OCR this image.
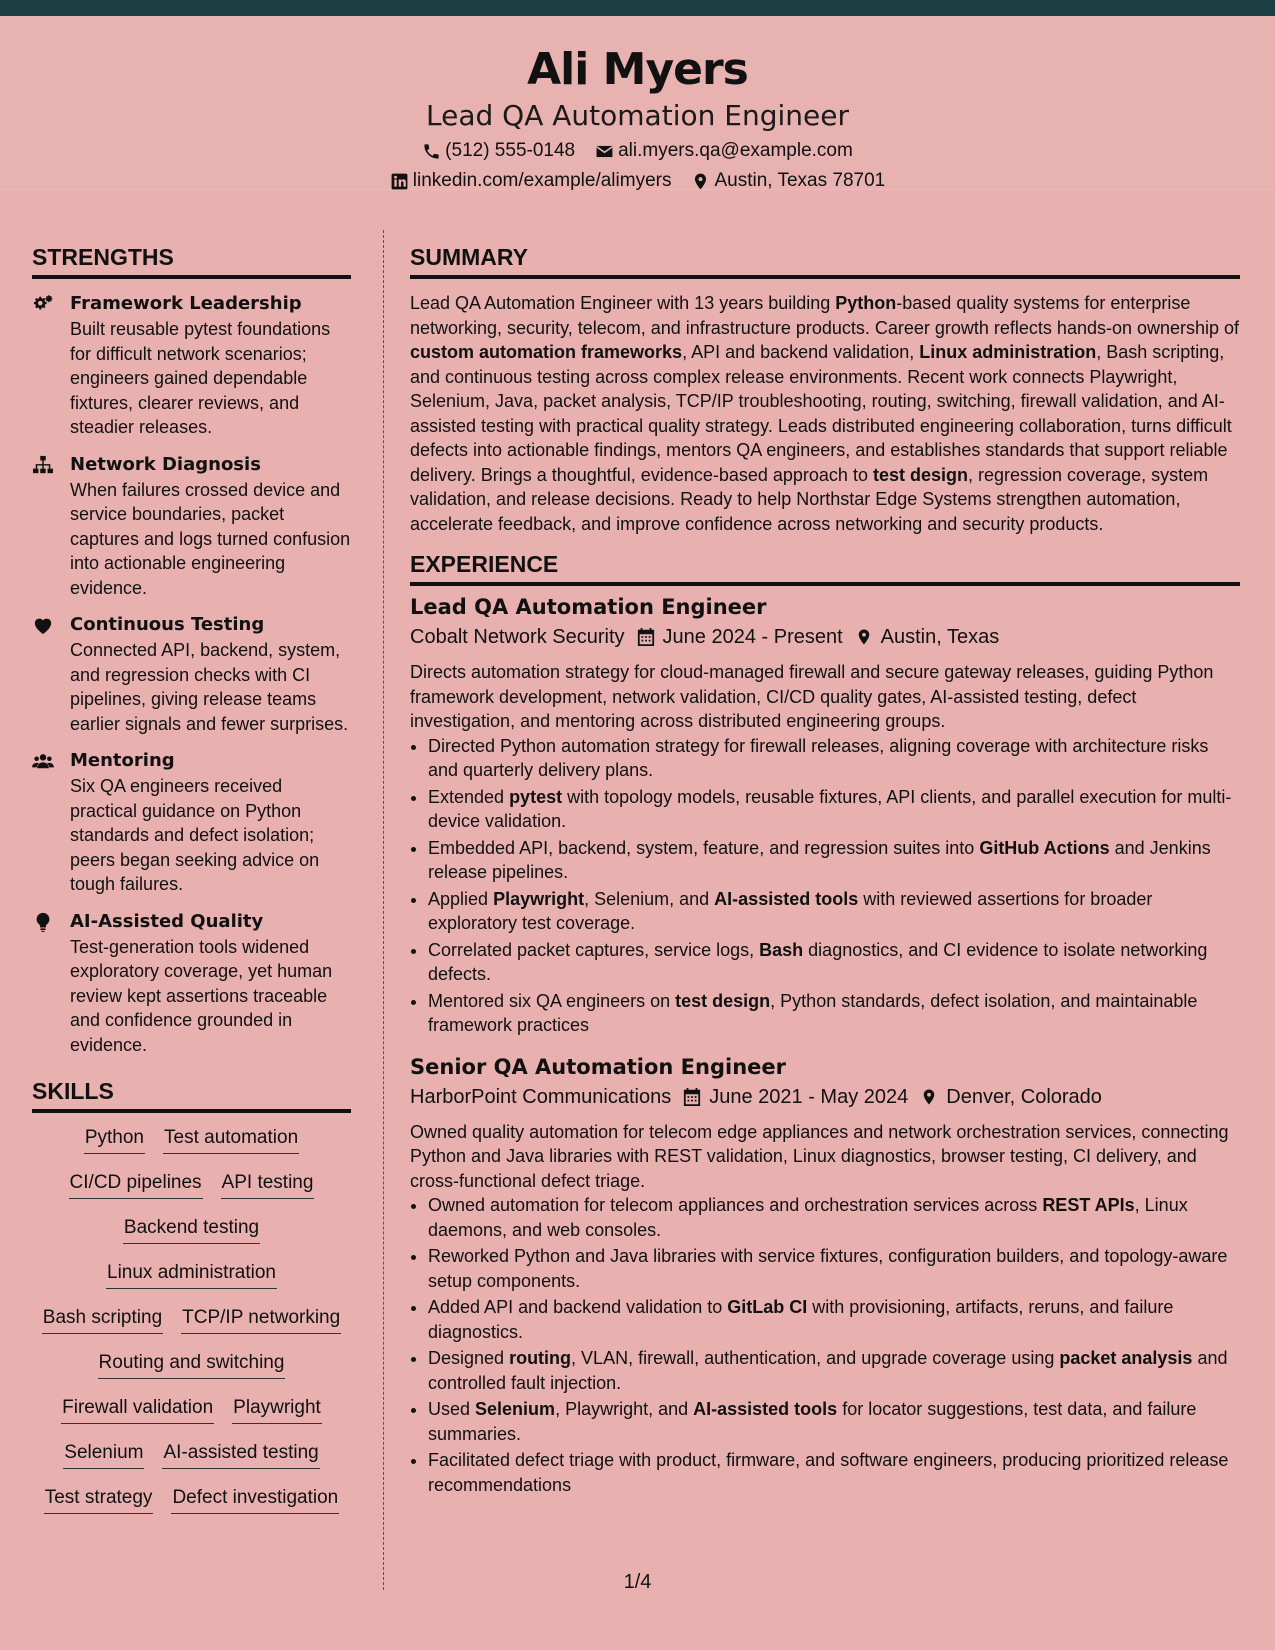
Ali Myers
Lead QA Automation Engineer
(512) 555-0148 ali.myers.qa@example.com
linkedin.com/example/alimyers Austin, Texas 78701
STRENGTHS
Framework Leadership
Built reusable pytest foundations for difficult network scenarios; engineers gained dependable fixtures, clearer reviews, and steadier releases.
Network Diagnosis
When failures crossed device and service boundaries, packet captures and logs turned confusion into actionable engineering evidence.
Continuous Testing
Connected API, backend, system, and regression checks with CI pipelines, giving release teams earlier signals and fewer surprises.
Mentoring
Six QA engineers received practical guidance on Python standards and defect isolation; peers began seeking advice on tough failures.
AI-Assisted Quality
Test-generation tools widened exploratory coverage, yet human review kept assertions traceable and confidence grounded in evidence.
SKILLS
Python Test automation
CI/CD pipelines API testing
Backend testing
Linux administration
Bash scripting TCP/IP networking
Routing and switching
Firewall validation Playwright
Selenium AI-assisted testing
Test strategy Defect investigation
SUMMARY
Lead QA Automation Engineer with 13 years building Python-based quality systems for enterprise networking, security, telecom, and infrastructure products. Career growth reflects hands-on ownership of custom automation frameworks, API and backend validation, Linux administration, Bash scripting, and continuous testing across complex release environments. Recent work connects Playwright, Selenium, Java, packet analysis, TCP/IP troubleshooting, routing, switching, firewall validation, and AI-assisted testing with practical quality strategy. Leads distributed engineering collaboration, turns difficult defects into actionable findings, mentors QA engineers, and establishes standards that support reliable delivery. Brings a thoughtful, evidence-based approach to test design, regression coverage, system validation, and release decisions. Ready to help Northstar Edge Systems strengthen automation, accelerate feedback, and improve confidence across networking and security products.
EXPERIENCE
Lead QA Automation Engineer
Cobalt Network Security June 2024 - Present Austin, Texas
Directs automation strategy for cloud-managed firewall and secure gateway releases, guiding Python framework development, network validation, CI/CD quality gates, AI-assisted testing, defect investigation, and mentoring across distributed engineering groups.
• Directed Python automation strategy for firewall releases, aligning coverage with architecture risks and quarterly delivery plans.
• Extended pytest with topology models, reusable fixtures, API clients, and parallel execution for multi-device validation.
• Embedded API, backend, system, feature, and regression suites into GitHub Actions and Jenkins release pipelines.
• Applied Playwright, Selenium, and AI-assisted tools with reviewed assertions for broader exploratory test coverage.
• Correlated packet captures, service logs, Bash diagnostics, and CI evidence to isolate networking defects.
• Mentored six QA engineers on test design, Python standards, defect isolation, and maintainable framework practices
Senior QA Automation Engineer
HarborPoint Communications June 2021 - May 2024 Denver, Colorado
Owned quality automation for telecom edge appliances and network orchestration services, connecting Python and Java libraries with REST validation, Linux diagnostics, browser testing, CI delivery, and cross-functional defect triage.
• Owned automation for telecom appliances and orchestration services across REST APIs, Linux daemons, and web consoles.
• Reworked Python and Java libraries with service fixtures, configuration builders, and topology-aware setup components.
• Added API and backend validation to GitLab CI with provisioning, artifacts, reruns, and failure diagnostics.
• Designed routing, VLAN, firewall, authentication, and upgrade coverage using packet analysis and controlled fault injection.
• Used Selenium, Playwright, and AI-assisted tools for locator suggestions, test data, and failure summaries.
• Facilitated defect triage with product, firmware, and software engineers, producing prioritized release recommendations
1/4
